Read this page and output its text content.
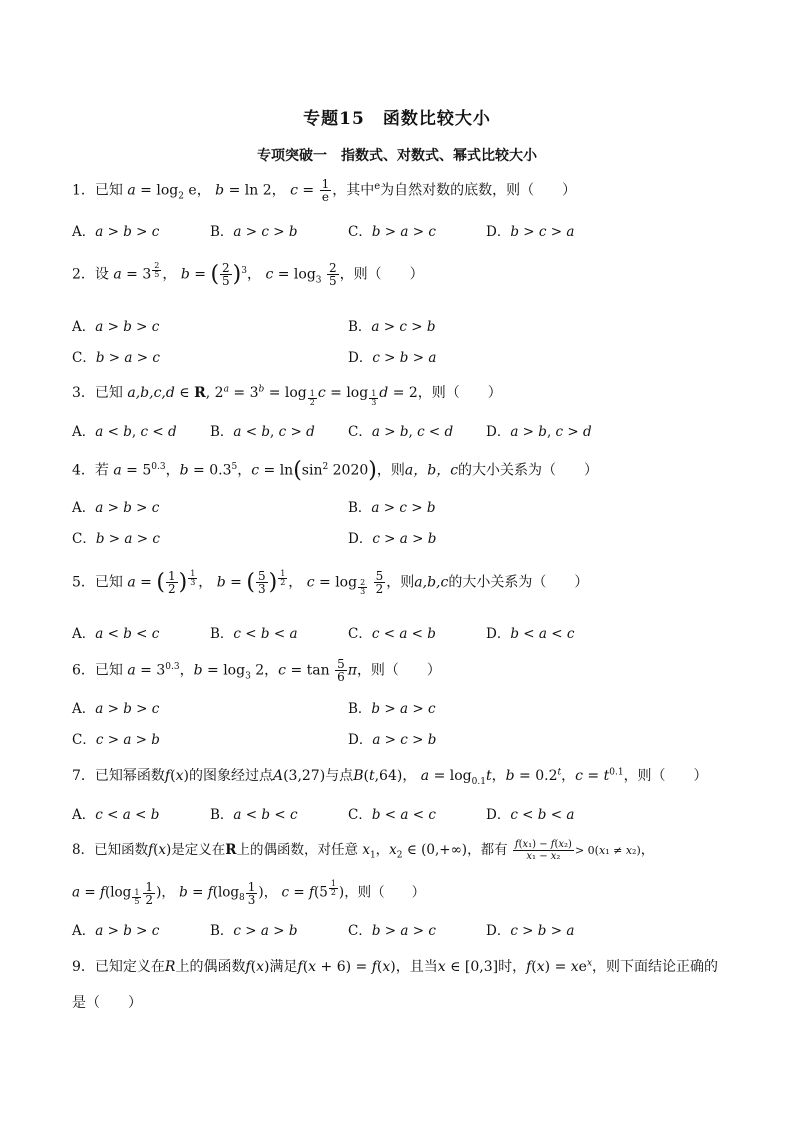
专题15　函数比较大小
专项突破一　指数式、对数式、幂式比较大小
1．已知 $a = \log_2 e$， b = ln 2， $c = \frac{1}{e}$ ，其中$^e$为自然对数的底数，则（　　）
A．a > b > c	B．a > c > b	C．b > a > c	D．b > c > a
2．设 a = 3 $^{\frac{2}{5}}$ ， b = ( $\frac{2}{5} )^3$， $c = \log_3 \frac{2}{5}$ ，则（　　）
A．a > b > c	B．a > c > b
C．b > a > c	D．c > b > a
3．已知 a,b,c,d ∈ R, $2^a = 3^b = \log _{\frac{1}{2}}$ c = log $_{\frac{1}{3}}$ d = 2，则（　　）
A．a < b, c < d B．a < b, c > d C．a > b, c < d D．a > b, c > d
4．若 $a = 5^{0.3}$，$b = 0.3^5$，$c = \ln(\sin^2$ 2020)，则a，b，c的大小关系为（　　）
A．a > b > c	B．a > c > b
C．b > a > c	D．c > a > b
5．已知 a = ( $\frac{1}{2}$ ) $^{\frac{1}{3}}$ ， b = ( $\frac{5}{3}$ ) $^{\frac{1}{2}}$ ， c = log $_{\frac{2}{3}}$
$\frac{5}{2}$ ，则a,b,c的大小关系为（　　）
A．a < b < c	B．c < b < a	C．c < a < b	D．b < a < c
6．已知 $a = 3^{0.3}$，$b = \log_3 2$，$c = \tan \frac{5}{6}$ π，则（　　）
A．a > b > c	B．b > a > c
C．c > a > b	D．a > c > b
7．已知幂函数f(x)的图象经过点A(3,27)与点B(t,64)， $a = \log_{0.1}t$，$b = 0.2^t$，$c = t^{0.1}$，则（　　）
A．c < a < b	B．a < b < c	C．b < a < c	D．c < b < a
8．已知函数f(x)是定义在R上的偶函数，对任意 $x_1$，$x_2$ ∈ (0,+∞)，都有 $\frac{\text{f(x₁) − f(x₂)}}{\text{x₁ − x₂}} > 0(x_1 \ne x_2)$，
a = f(log $_{\frac{1}{5}} \frac{1}{2}$ )， $b = f(\log_8 \frac{1}{3}$ )， c = f(5 $^{\frac{1}{2}}$ )，则（　　）
A．a > b > c	B．c > a > b	C．b > a > c	D．c > b > a
9．已知定义在R上的偶函数f(x)满足f(x + 6) = f(x)，且当x ∈ [0,3]时，$f(x) = xe^x$，则下面结论正确的
是（　　）
